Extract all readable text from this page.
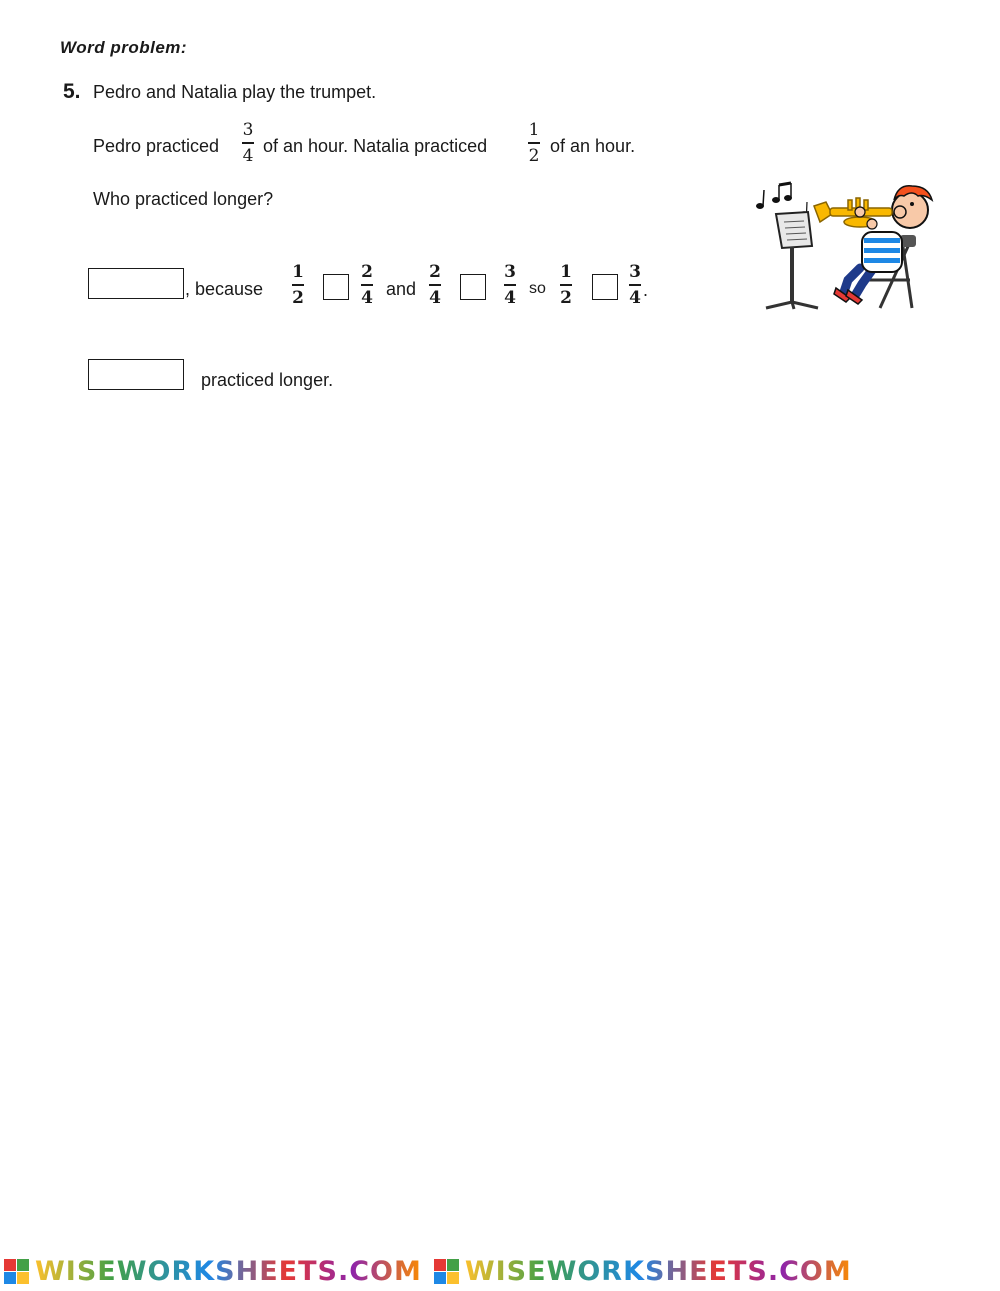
Word problem:
5. Pedro and Natalia play the trumpet.
Pedro practiced
3
4 of an hour. Natalia practiced
1
2 of an hour.
Who practiced longer?
, because
1
2
2
4 and
2
4
3
4 so
1
2
3
4 .
practiced longer.
WISEWORKSHEETS.COM WISEWORKSHEETS.COM
